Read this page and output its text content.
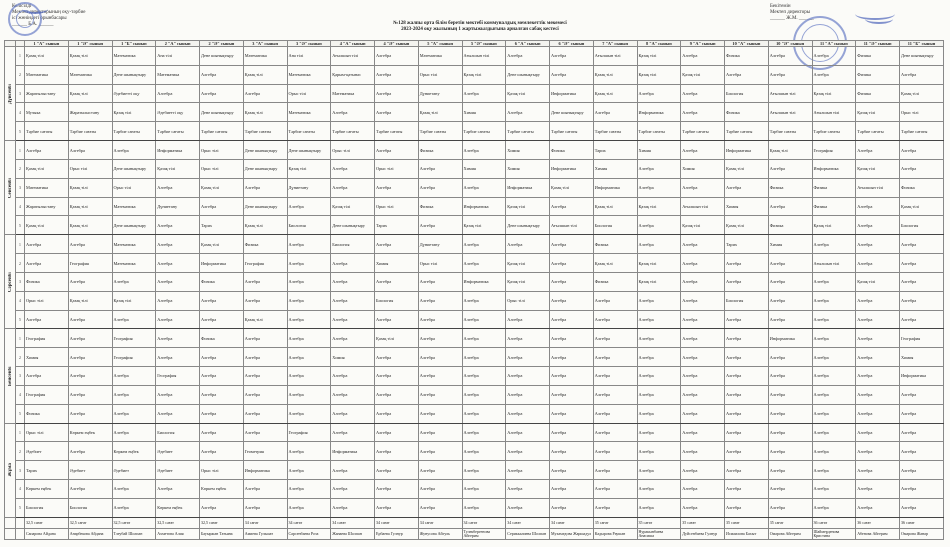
Келісілді
Мектеп директорының оқу-тәрбие
ісі жөніндегі орынбасары
______ Б.А. ______
Бекітемін
Мектеп директоры
______ Ж.М. ______
№128 жалпы орта білім беретін мектебі коммуналдық мемлекеттік мекемесі
2023-2024 оқу жылының 1 жартыжылдығына арналған сабақ кестесі
		1 "А" сынып	1 "Ә" сынып	1 "Б" сынып	2 "А" сынып	2 "Ә" сынып	3 "А" сынып	3 "Ә" сынып	4 "А" сынып	4 "Ә" сынып	5 "А" сынып	5 "Ә" сынып	6 "А" сынып	6 "Ә" сынып	7 "А" сынып	8 "А" сынып	9 "А" сынып	10 "А" сынып	10 "Ә" сынып	11 "А" сынып	11 "Ә" сынып	11 "Б" сынып
Дүйсенбі	1	Қазақ тілі	Қазақ тілі	Математика	Ана тілі	Дене шынықтыру	Математика	Ана тілі	Ағылшын тілі	Алгебра	Математика	Ағылшын тілі	Алгебра	Алгебра	Ағылшын тілі	Қазақ тілі	Алгебра	Физика	Алгебра	Алгебра	Физика	Дене шынықтыру
	2	Математика	Математика	Дене шынықтыру	Математика	Алгебра	Қазақ тілі	Математика	Қарым-қатынас	Алгебра	Орыс тілі	Қазақ тілі	Дене шынықтыру	Алгебра	Қазақ тілі	Қазақ тілі	Қазақ тілі	Алгебра	Алгебра	Алгебра	Физика	Алгебра
	3	Жаратылыстану	Қазақ тілі	Әдебиетті оқу	Алгебра	Алгебра	Алгебра	Орыс тілі	Математика	Алгебра	Дүниетану	Алгебра	Қазақ тілі	Информатика	Қазақ тілі	Алгебра	Алгебра	Биология	Ағылшын тілі	Қазақ тілі	Физика	Қазақ тілі
	4	Музыка	Жаратылыстану	Қазақ тілі	Әдебиетті оқу	Дене шынықтыру	Қазақ тілі	Математика	Алгебра	Алгебра	Қазақ тілі	Химия	Алгебра	Дене шынықтыру	Алгебра	Информатика	Алгебра	Физика	Ағылшын тілі	Ағылшын тілі	Қазақ тілі	Орыс тілі
	5	Тәрбие сағаты	Тәрбие сағаты	Тәрбие сағаты	Тәрбие сағаты	Тәрбие сағаты	Тәрбие сағаты	Тәрбие сағаты	Тәрбие сағаты	Тәрбие сағаты	Тәрбие сағаты	Тәрбие сағаты	Тәрбие сағаты	Тәрбие сағаты	Тәрбие сағаты	Тәрбие сағаты	Тәрбие сағаты	Тәрбие сағаты	Тәрбие сағаты	Тәрбие сағаты	Тәрбие сағаты	Тәрбие сағаты
Сейсенбі	1	Алгебра	Алгебра	Алгебра	Информатика	Орыс тілі	Дене шынықтыру	Дене шынықтыру	Орыс тілі	Алгебра	Физика	Алгебра	Химия	Физика	Тарих	Химия	Алгебра	Информатика	Қазақ тілі	География	Алгебра	Алгебра
	2	Қазақ тілі	Орыс тілі	Дене шынықтыру	Қазақ тілі	Орыс тілі	Дене шынықтыру	Қазақ тілі	Алгебра	Орыс тілі	Алгебра	Химия	Химия	Информатика	Химия	Алгебра	Химия	Қазақ тілі	Алгебра	Информатика	Қазақ тілі	Алгебра
	3	Математика	Қазақ тілі	Орыс тілі	Алгебра	Қазақ тілі	Алгебра	Дүниетану	Алгебра	Алгебра	Алгебра	Алгебра	Информатика	Қазақ тілі	Информатика	Алгебра	Алгебра	Алгебра	Физика	Физика	Ағылшын тілі	Физика
	4	Жаратылыстану	Қазақ тілі	Математика	Дүниетану	Алгебра	Дене шынықтыру	Алгебра	Қазақ тілі	Орыс тілі	Физика	Информатика	Қазақ тілі	Алгебра	Қазақ тілі	Қазақ тілі	Ағылшын тілі	Химия	Алгебра	Физика	Алгебра	Қазақ тілі
	5	Қазақ тілі	Қазақ тілі	Дене шынықтыру	Алгебра	Тарих	Қазақ тілі	Биология	Дене шынықтыру	Тарих	Алгебра	Қазақ тілі	Дене шынықтыру	Ағылшын тілі	Биология	Алгебра	Қазақ тілі	Қазақ тілі	Физика	Қазақ тілі	Алгебра	Биология
Сәрсенбі	1	Алгебра	Алгебра	Математика	Алгебра	Қазақ тілі	Физика	Алгебра	Биология	Алгебра	Дүниетану	Алгебра	Алгебра	Алгебра	Физика	Алгебра	Алгебра	Тарих	Химия	Алгебра	Алгебра	Алгебра
	2	Алгебра	География	Математика	Алгебра	Информатика	География	Алгебра	Алгебра	Химия	Орыс тілі	Алгебра	Қазақ тілі	Алгебра	Қазақ тілі	Қазақ тілі	Алгебра	Алгебра	Алгебра	Ағылшын тілі	Алгебра	Алгебра
	3	Физика	Алгебра	Алгебра	Алгебра	Физика	Алгебра	Алгебра	Алгебра	Алгебра	Алгебра	Информатика	Қазақ тілі	Алгебра	Физика	Қазақ тілі	Алгебра	Алгебра	Алгебра	Алгебра	Қазақ тілі	Алгебра
	4	Орыс тілі	Қазақ тілі	Қазақ тілі	Алгебра	Алгебра	Алгебра	Алгебра	Алгебра	Биология	Алгебра	Алгебра	Орыс тілі	Алгебра	Алгебра	Алгебра	Алгебра	Биология	Алгебра	Алгебра	Алгебра	Алгебра
	5	Алгебра	Алгебра	Алгебра	Алгебра	Алгебра	Қазақ тілі	Алгебра	Алгебра	Алгебра	Алгебра	Алгебра	Алгебра	Алгебра	Алгебра	Алгебра	Алгебра	Алгебра	Алгебра	Алгебра	Алгебра	Алгебра
Бейсенбі	1	География	Алгебра	География	Алгебра	Физика	Алгебра	Алгебра	Алгебра	Қазақ тілі	Алгебра	Алгебра	Алгебра	Алгебра	Алгебра	Алгебра	Алгебра	Алгебра	Информатика	Алгебра	Алгебра	География
	2	Химия	Алгебра	География	Алгебра	Алгебра	Алгебра	Алгебра	Химия	Алгебра	Алгебра	Алгебра	Алгебра	Алгебра	Алгебра	Алгебра	Алгебра	Алгебра	Алгебра	Алгебра	Алгебра	Химия
	3	Алгебра	Алгебра	Алгебра	География	Алгебра	Алгебра	Алгебра	Алгебра	Алгебра	Алгебра	Алгебра	Алгебра	Алгебра	Алгебра	Алгебра	Алгебра	Алгебра	Алгебра	Алгебра	Алгебра	Информатика
	4	География	Алгебра	Алгебра	Алгебра	Алгебра	Алгебра	Алгебра	Алгебра	Алгебра	Алгебра	Алгебра	Алгебра	Алгебра	Алгебра	Алгебра	Алгебра	Алгебра	Алгебра	Алгебра	Алгебра	Алгебра
	5	Физика	Алгебра	Алгебра	Алгебра	Алгебра	Алгебра	Алгебра	Алгебра	Алгебра	Алгебра	Алгебра	Алгебра	Алгебра	Алгебра	Алгебра	Алгебра	Алгебра	Алгебра	Алгебра	Алгебра	Алгебра
Жұма	1	Орыс тілі	Көркем еңбек	Алгебра	Биология	Алгебра	Алгебра	География	Алгебра	Алгебра	Алгебра	Алгебра	Алгебра	Алгебра	Алгебра	Алгебра	Алгебра	Алгебра	Алгебра	Алгебра	Алгебра	Алгебра
	2	Әдебиет	Алгебра	Көркем еңбек	Әдебиет	Алгебра	Геометрия	Алгебра	Информатика	Алгебра	Алгебра	Алгебра	Алгебра	Алгебра	Алгебра	Алгебра	Алгебра	Алгебра	Алгебра	Алгебра	Алгебра	Алгебра
	3	Тарих	Әдебиет	Әдебиет	Әдебиет	Орыс тілі	Информатика	Алгебра	Алгебра	Алгебра	Алгебра	Алгебра	Алгебра	Алгебра	Алгебра	Алгебра	Алгебра	Алгебра	Алгебра	Алгебра	Алгебра	Алгебра
	4	Көркем еңбек	Алгебра	Алгебра	Алгебра	Көркем еңбек	Алгебра	Алгебра	Алгебра	Алгебра	Алгебра	Алгебра	Алгебра	Алгебра	Алгебра	Алгебра	Алгебра	Алгебра	Алгебра	Алгебра	Алгебра	Алгебра
	5	Биология	Биология	Алгебра	Көркем еңбек	Алгебра	Алгебра	Алгебра	Алгебра	Алгебра	Алгебра	Алгебра	Алгебра	Алгебра	Алгебра	Алгебра	Алгебра	Алгебра	Алгебра	Алгебра	Алгебра	Алгебра
		32,5 сағат	32,5 сағат	32,5 сағат	32,5 сағат	32,5 сағат	34 сағат	34 сағат	34 сағат	34 сағат	34 сағат	34 сағат	34 сағат	34 сағат	35 сағат	35 сағат	35 сағат	35 сағат	35 сағат	36 сағат	36 сағат	36 сағат
		Сапарова Айдана	Анарбекова Айдана	Тлеубай Шолпан	Ахметова Алия	Бауыржан Татьяна	Амиева Гульшат	Сарсенбаева Роза	Жанаева Шолпан	Ербаева Гулнур	Жунусова Айгуль	Тулекбергенова Айгерим	Сериккалиева Шолпан	Мухамедова Жаршадул	Кадырова Раушан	Нуракынбаева Анасиша	Дуйсенбаева Гулнур	Исмаилова Бахыт	Омарова Айгерим	Шаймерденова Кристина	Абенова Айгерим	Омарова Жанар
